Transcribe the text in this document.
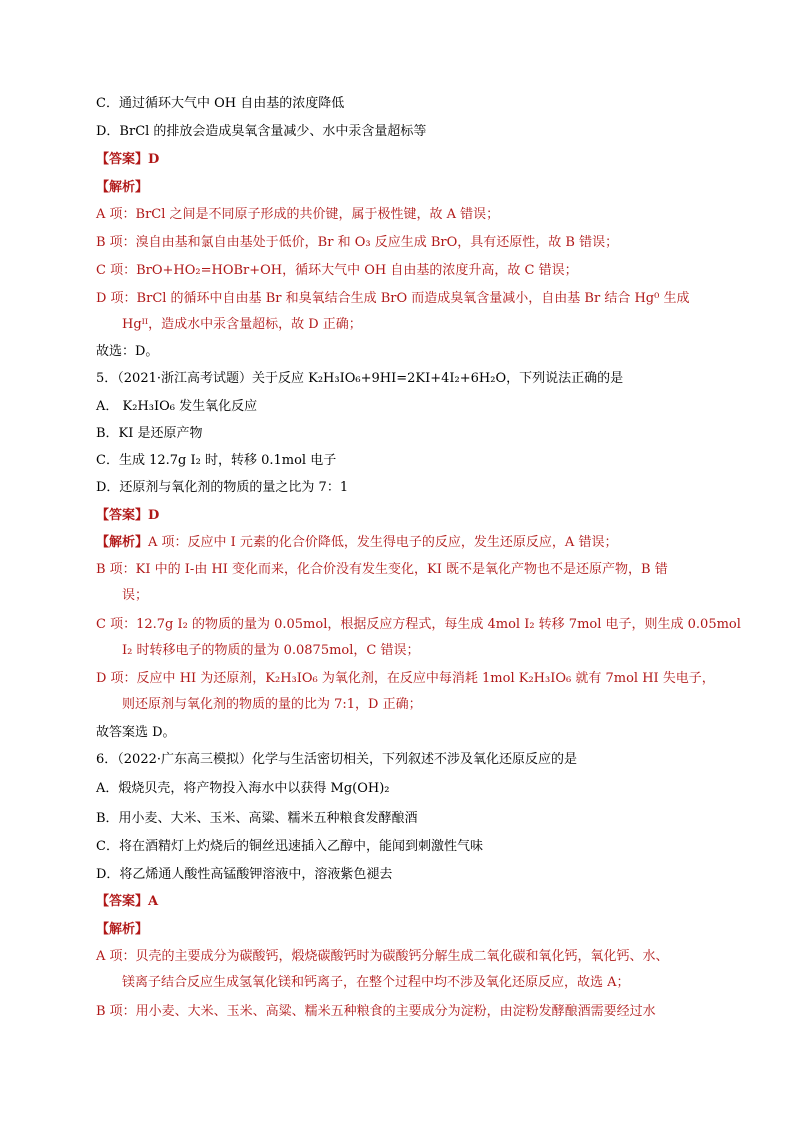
C．通过循环大气中 OH 自由基的浓度降低
D．BrCl 的排放会造成臭氧含量减少、水中汞含量超标等
【答案】D
【解析】
A 项：BrCl 之间是不同原子形成的共价键，属于极性键，故 A 错误；
B 项：溴自由基和氯自由基处于低价，Br 和 O₃ 反应生成 BrO，具有还原性，故 B 错误；
C 项：BrO+HO₂=HOBr+OH，循环大气中 OH 自由基的浓度升高，故 C 错误；
D 项：BrCl 的循环中自由基 Br 和臭氧结合生成 BrO 而造成臭氧含量减小，自由基 Br 结合 Hg⁰ 生成
Hgᴵᴵ，造成水中汞含量超标，故 D 正确；
故选：D。
5．（2021·浙江高考试题）关于反应 K₂H₃IO₆+9HI=2KI+4I₂+6H₂O，下列说法正确的是
A． K₂H₃IO₆ 发生氧化反应
B．KI 是还原产物
C．生成 12.7g I₂ 时，转移 0.1mol 电子
D．还原剂与氧化剂的物质的量之比为 7：1
【答案】D
【解析】A 项：反应中 I 元素的化合价降低，发生得电子的反应，发生还原反应，A 错误；
B 项：KI 中的 I-由 HI 变化而来，化合价没有发生变化，KI 既不是氧化产物也不是还原产物，B 错
误；
C 项：12.7g I₂ 的物质的量为 0.05mol，根据反应方程式，每生成 4mol I₂ 转移 7mol 电子，则生成 0.05mol
I₂ 时转移电子的物质的量为 0.0875mol，C 错误；
D 项：反应中 HI 为还原剂，K₂H₃IO₆ 为氧化剂，在反应中每消耗 1mol K₂H₃IO₆ 就有 7mol HI 失电子，
则还原剂与氧化剂的物质的量的比为 7:1，D 正确；
故答案选 D。
6．（2022·广东高三模拟）化学与生活密切相关，下列叙述不涉及氧化还原反应的是
A．煅烧贝壳，将产物投入海水中以获得 Mg(OH)₂
B．用小麦、大米、玉米、高粱、糯米五种粮食发酵酿酒
C．将在酒精灯上灼烧后的铜丝迅速插入乙醇中，能闻到刺激性气味
D．将乙烯通人酸性高锰酸钾溶液中，溶液紫色褪去
【答案】A
【解析】
A 项：贝壳的主要成分为碳酸钙，煅烧碳酸钙时为碳酸钙分解生成二氧化碳和氧化钙，氧化钙、水、
镁离子结合反应生成氢氧化镁和钙离子，在整个过程中均不涉及氧化还原反应，故选 A；
B 项：用小麦、大米、玉米、高粱、糯米五种粮食的主要成分为淀粉，由淀粉发酵酿酒需要经过水
